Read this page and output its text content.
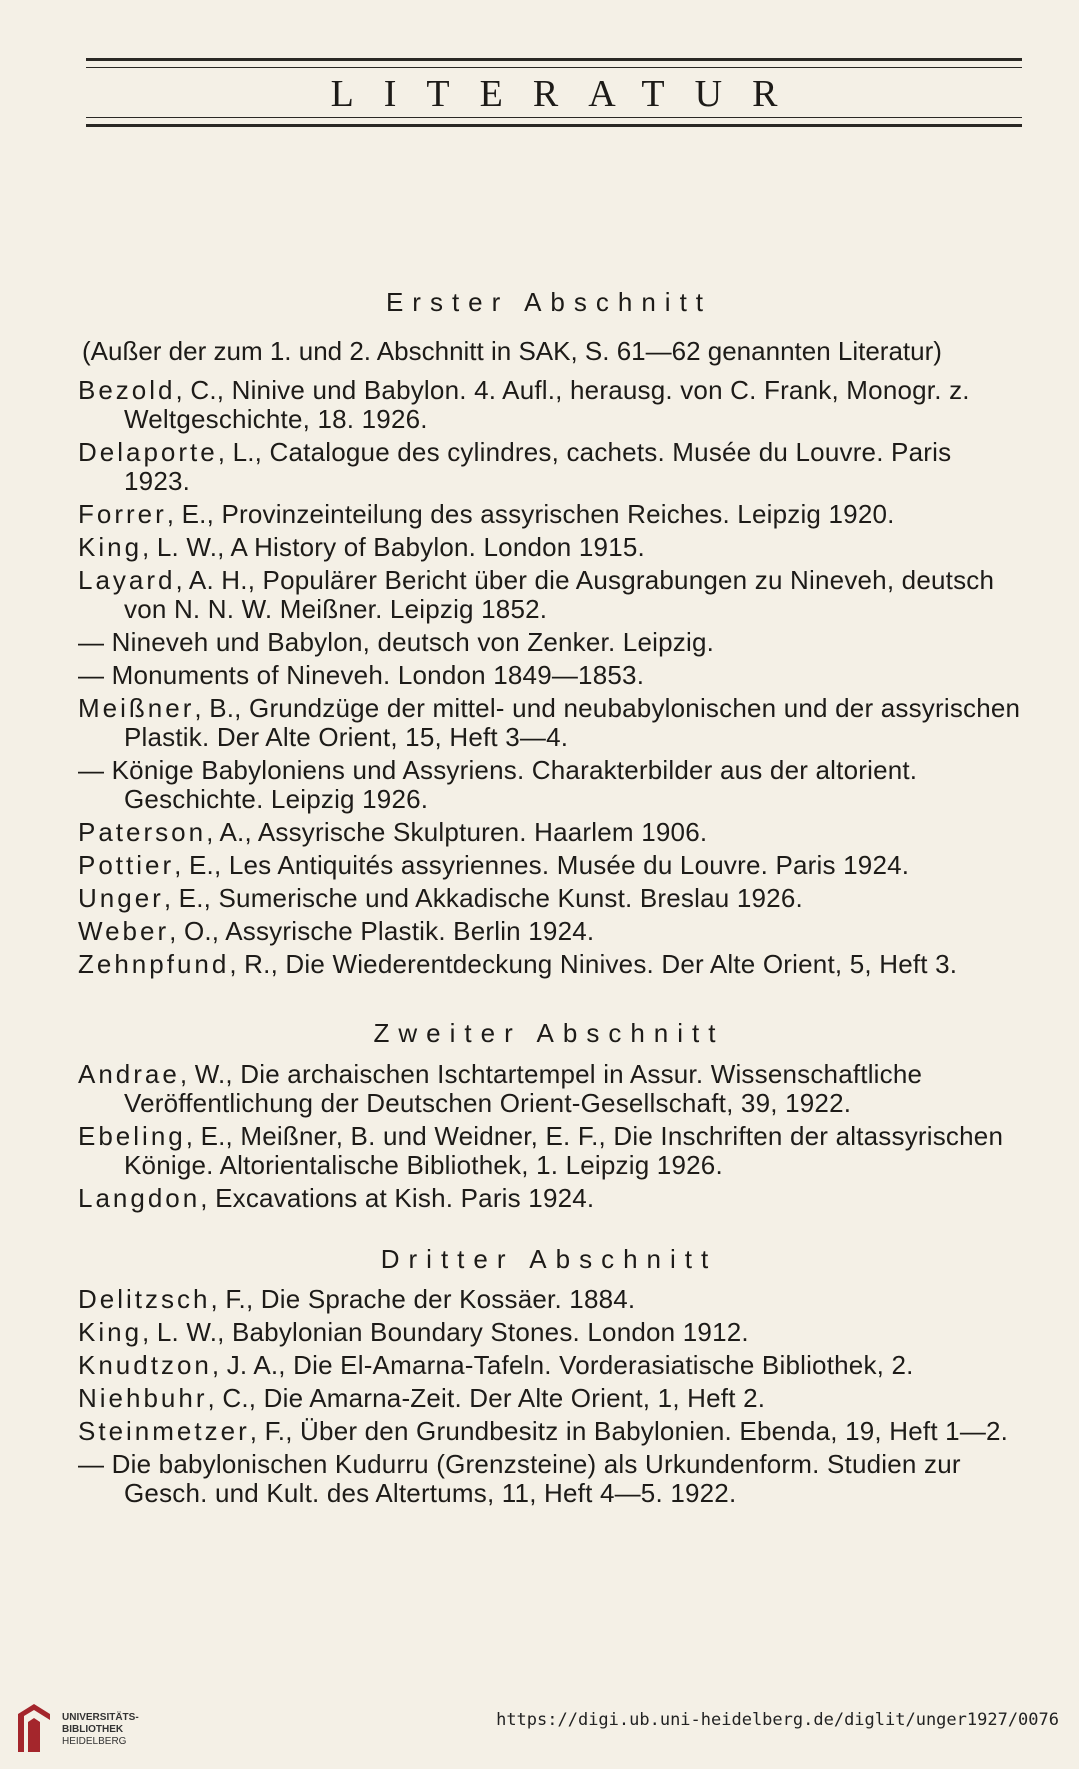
LITERATUR
Erster Abschnitt
(Außer der zum 1. und 2. Abschnitt in SAK, S. 61—62 genannten Literatur)
Bezold, C., Ninive und Babylon. 4. Aufl., herausg. von C. Frank, Monogr. z. Weltgeschichte, 18. 1926.
Delaporte, L., Catalogue des cylindres, cachets. Musée du Louvre. Paris 1923.
Forrer, E., Provinzeinteilung des assyrischen Reiches. Leipzig 1920.
King, L. W., A History of Babylon. London 1915.
Layard, A. H., Populärer Bericht über die Ausgrabungen zu Nineveh, deutsch von N. N. W. Meißner. Leipzig 1852.
— Nineveh und Babylon, deutsch von Zenker. Leipzig.
— Monuments of Nineveh. London 1849—1853.
Meißner, B., Grundzüge der mittel- und neubabylonischen und der assyrischen Plastik. Der Alte Orient, 15, Heft 3—4.
— Könige Babyloniens und Assyriens. Charakterbilder aus der altorient. Geschichte. Leipzig 1926.
Paterson, A., Assyrische Skulpturen. Haarlem 1906.
Pottier, E., Les Antiquités assyriennes. Musée du Louvre. Paris 1924.
Unger, E., Sumerische und Akkadische Kunst. Breslau 1926.
Weber, O., Assyrische Plastik. Berlin 1924.
Zehnpfund, R., Die Wiederentdeckung Ninives. Der Alte Orient, 5, Heft 3.
Zweiter Abschnitt
Andrae, W., Die archaischen Ischtartempel in Assur. Wissenschaftliche Veröffentlichung der Deutschen Orient-Gesellschaft, 39, 1922.
Ebeling, E., Meißner, B. und Weidner, E. F., Die Inschriften der altassyrischen Könige. Altorientalische Bibliothek, 1. Leipzig 1926.
Langdon, Excavations at Kish. Paris 1924.
Dritter Abschnitt
Delitzsch, F., Die Sprache der Kossäer. 1884.
King, L. W., Babylonian Boundary Stones. London 1912.
Knudtzon, J. A., Die El-Amarna-Tafeln. Vorderasiatische Bibliothek, 2.
Niehbuhr, C., Die Amarna-Zeit. Der Alte Orient, 1, Heft 2.
Steinmetzer, F., Über den Grundbesitz in Babylonien. Ebenda, 19, Heft 1—2.
— Die babylonischen Kudurru (Grenzsteine) als Urkundenform. Studien zur Gesch. und Kult. des Altertums, 11, Heft 4—5. 1922.
UNIVERSITÄTS-
BIBLIOTHEK
HEIDELBERG
https://digi.ub.uni-heidelberg.de/diglit/unger1927/0076
